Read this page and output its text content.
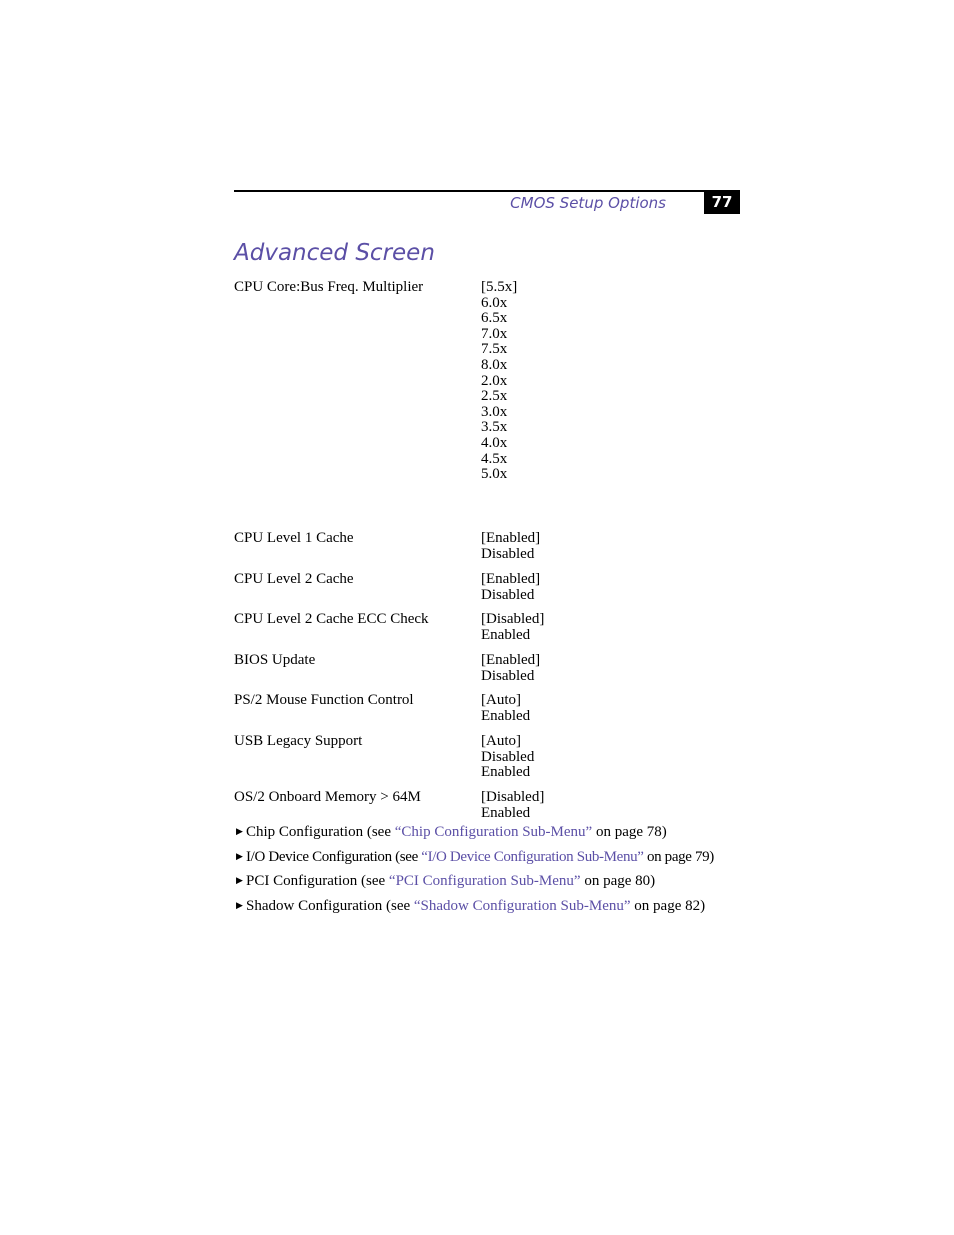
CMOS Setup Options	77
Advanced Screen
CPU Core:Bus Freq. Multiplier	[5.5x]
6.0x
6.5x
7.0x
7.5x
8.0x
2.0x
2.5x
3.0x
3.5x
4.0x
4.5x
5.0x
CPU Level 1 Cache	[Enabled]
Disabled
CPU Level 2 Cache	[Enabled]
Disabled
CPU Level 2 Cache ECC Check	[Disabled]
Enabled
BIOS Update	[Enabled]
Disabled
PS/2 Mouse Function Control	[Auto]
Enabled
USB Legacy Support	[Auto]
Disabled
Enabled
OS/2 Onboard Memory > 64M	[Disabled]
Enabled
▶ Chip Configuration (see “Chip Configuration Sub-Menu” on page 78)
▶ I/O Device Configuration (see “I/O Device Configuration Sub-Menu” on page 79)
▶ PCI Configuration (see “PCI Configuration Sub-Menu” on page 80)
▶ Shadow Configuration (see “Shadow Configuration Sub-Menu” on page 82)
